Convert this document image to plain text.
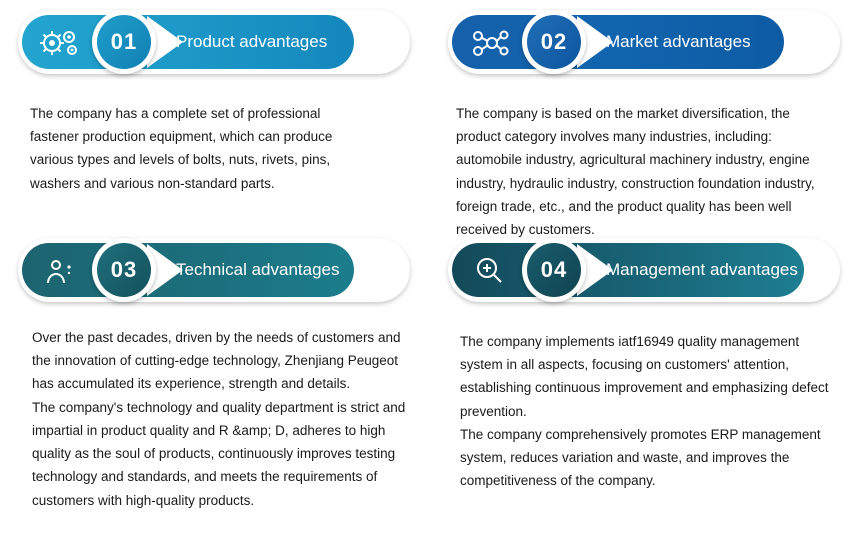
01	Product advantages

The company has a complete set of professional fastener production equipment, which can produce various types and levels of bolts, nuts, rivets, pins, washers and various non-standard parts.

02	Market advantages

The company is based on the market diversification, the product category involves many industries, including: automobile industry, agricultural machinery industry, engine industry, hydraulic industry, construction foundation industry, foreign trade, etc., and the product quality has been well received by customers.

03	Technical advantages

Over the past decades, driven by the needs of customers and the innovation of cutting-edge technology, Zhenjiang Peugeot has accumulated its experience, strength and details.

The company's technology and quality department is strict and impartial in product quality and R &amp; D, adheres to high quality as the soul of products, continuously improves testing technology and standards, and meets the requirements of customers with high-quality products.

04	Management advantages

The company implements iatf16949 quality management system in all aspects, focusing on customers' attention, establishing continuous improvement and emphasizing defect prevention.

The company comprehensively promotes ERP management system, reduces variation and waste, and improves the competitiveness of the company.
